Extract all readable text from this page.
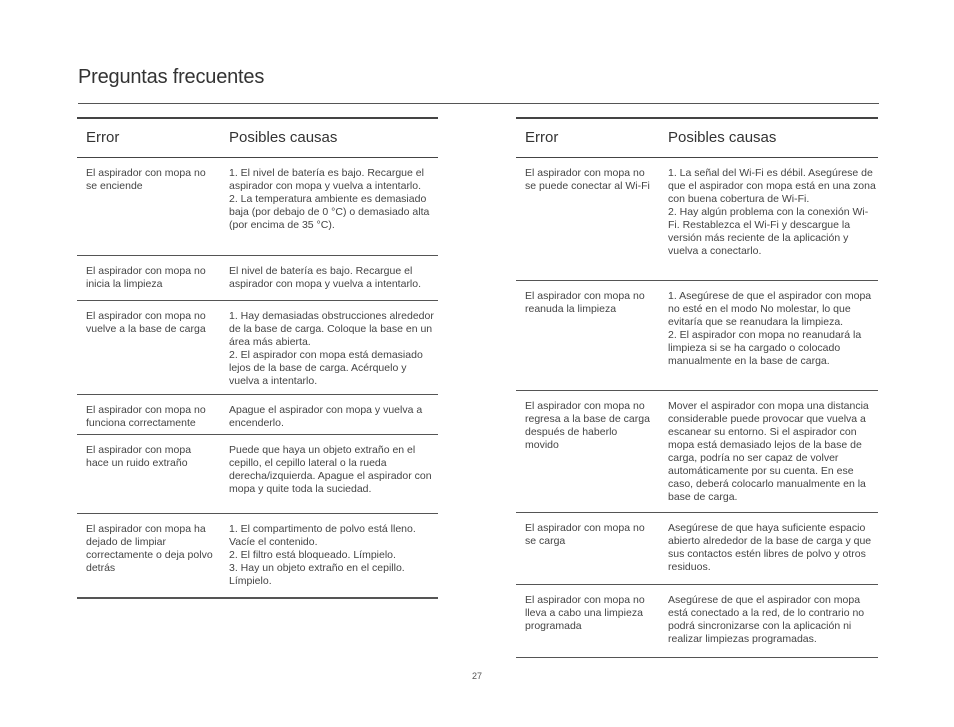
Preguntas frecuentes
Error	Posibles causas
El aspirador con mopa no se enciende
1. El nivel de batería es bajo. Recargue el aspirador con mopa y vuelva a intentarlo.
2. La temperatura ambiente es demasiado baja (por debajo de 0 °C) o demasiado alta (por encima de 35 °C).
El aspirador con mopa no inicia la limpieza
El nivel de batería es bajo. Recargue el aspirador con mopa y vuelva a intentarlo.
El aspirador con mopa no vuelve a la base de carga
1. Hay demasiadas obstrucciones alrededor de la base de carga. Coloque la base en un área más abierta.
2. El aspirador con mopa está demasiado lejos de la base de carga. Acérquelo y vuelva a intentarlo.
El aspirador con mopa no funciona correctamente
Apague el aspirador con mopa y vuelva a encenderlo.
El aspirador con mopa hace un ruido extraño
Puede que haya un objeto extraño en el cepillo, el cepillo lateral o la rueda derecha/izquierda. Apague el aspirador con mopa y quite toda la suciedad.
El aspirador con mopa ha dejado de limpiar correctamente o deja polvo detrás
1. El compartimento de polvo está lleno. Vacíe el contenido.
2. El filtro está bloqueado. Límpielo.
3. Hay un objeto extraño en el cepillo. Límpielo.
Error	Posibles causas
El aspirador con mopa no se puede conectar al Wi-Fi
1. La señal del Wi-Fi es débil. Asegúrese de que el aspirador con mopa está en una zona con buena cobertura de Wi-Fi.
2. Hay algún problema con la conexión Wi-Fi. Restablezca el Wi-Fi y descargue la versión más reciente de la aplicación y vuelva a conectarlo.
El aspirador con mopa no reanuda la limpieza
1. Asegúrese de que el aspirador con mopa no esté en el modo No molestar, lo que evitaría que se reanudara la limpieza.
2. El aspirador con mopa no reanudará la limpieza si se ha cargado o colocado manualmente en la base de carga.
El aspirador con mopa no regresa a la base de carga después de haberlo movido
Mover el aspirador con mopa una distancia considerable puede provocar que vuelva a escanear su entorno. Si el aspirador con mopa está demasiado lejos de la base de carga, podría no ser capaz de volver automáticamente por su cuenta. En ese caso, deberá colocarlo manualmente en la base de carga.
El aspirador con mopa no se carga
Asegúrese de que haya suficiente espacio abierto alrededor de la base de carga y que sus contactos estén libres de polvo y otros residuos.
El aspirador con mopa no lleva a cabo una limpieza programada
Asegúrese de que el aspirador con mopa está conectado a la red, de lo contrario no podrá sincronizarse con la aplicación ni realizar limpiezas programadas.
27
